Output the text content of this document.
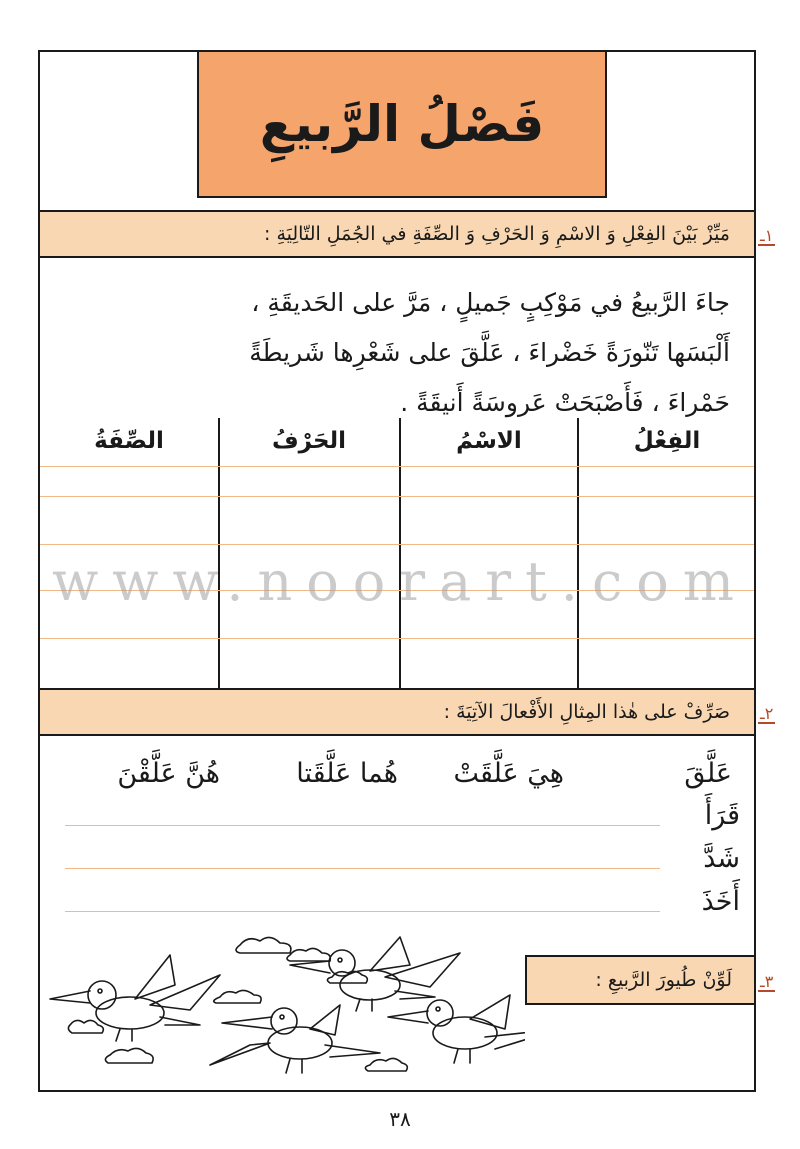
فَصْلُ الرَّبيعِ
مَيِّزْ بَيْنَ الفِعْلِ وَ الاسْمِ وَ الحَرْفِ وَ الصِّفَةِ في الجُمَلِ التّالِيَةِ : ١ـ

جاءَ الرَّبيعُ في مَوْكِبٍ جَميلٍ ، مَرَّ على الحَديقَةِ ،

أَلْبَسَها تَنّورَةً خَضْراءَ ، عَلَّقَ على شَعْرِها شَريطَةً

حَمْراءَ ، فَأَصْبَحَتْ عَروسَةً أَنيقَةً .

الفِعْلُ
الاسْمُ
الحَرْفُ
الصِّفَةُ
صَرِّفْ على هٰذا المِثالِ الأَفْعالَ الآتِيَةَ : ٢ـ
عَلَّقَ
هِيَ عَلَّقَتْ
هُما عَلَّقَتا
هُنَّ عَلَّقْنَ
قَرَأَ
شَدَّ
أَخَذَ
لَوِّنْ طُيورَ الرَّبيعِ : ٣ـ
www.noorart.com
٣٨
